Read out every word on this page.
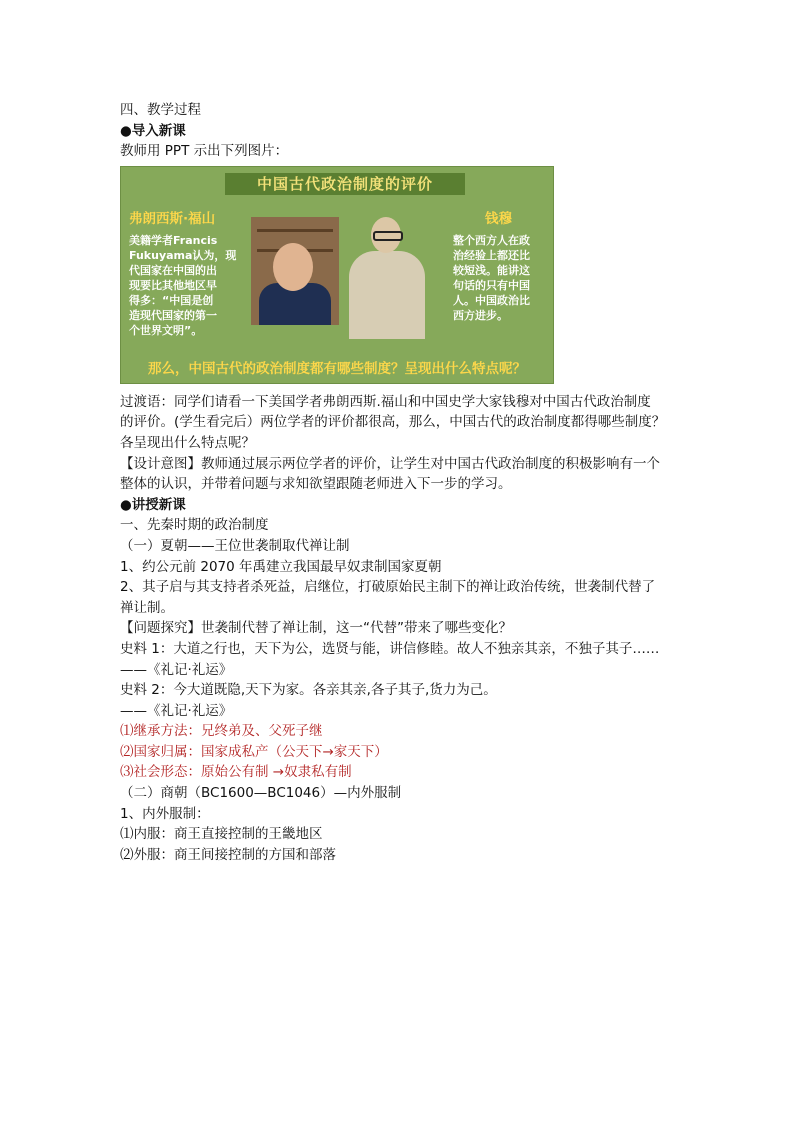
四、教学过程
●导入新课
教师用 PPT 示出下列图片：
中国古代政治制度的评价
弗朗西斯·福山
美籍学者Francis
Fukuyama认为，现
代国家在中国的出
现要比其他地区早
得多：“中国是创
造现代国家的第一
个世界文明”。
钱穆
整个西方人在政
治经验上都还比
较短浅。能讲这
句话的只有中国
人。中国政治比
西方进步。
那么，中国古代的政治制度都有哪些制度？呈现出什么特点呢？
过渡语：同学们请看一下美国学者弗朗西斯.福山和中国史学大家钱穆对中国古代政治制度
的评价。(学生看完后）两位学者的评价都很高，那么，中国古代的政治制度都得哪些制度？
各呈现出什么特点呢？
【设计意图】教师通过展示两位学者的评价，让学生对中国古代政治制度的积极影响有一个
整体的认识，并带着问题与求知欲望跟随老师进入下一步的学习。
●讲授新课
一、先秦时期的政治制度
（一）夏朝——王位世袭制取代禅让制
1、约公元前 2070 年禹建立我国最早奴隶制国家夏朝
2、其子启与其支持者杀死益，启继位，打破原始民主制下的禅让政治传统，世袭制代替了
禅让制。
【问题探究】世袭制代替了禅让制，这一“代替”带来了哪些变化？
史料 1：大道之行也，天下为公，选贤与能，讲信修睦。故人不独亲其亲，不独子其子……
——《礼记·礼运》
史料 2：今大道既隐,天下为家。各亲其亲,各子其子,货力为己。
——《礼记·礼运》
⑴继承方法：兄终弟及、父死子继
⑵国家归属：国家成私产（公天下→家天下）
⑶社会形态：原始公有制 →奴隶私有制
（二）商朝（BC1600—BC1046）—内外服制
1、内外服制：
⑴内服：商王直接控制的王畿地区
⑵外服：商王间接控制的方国和部落
